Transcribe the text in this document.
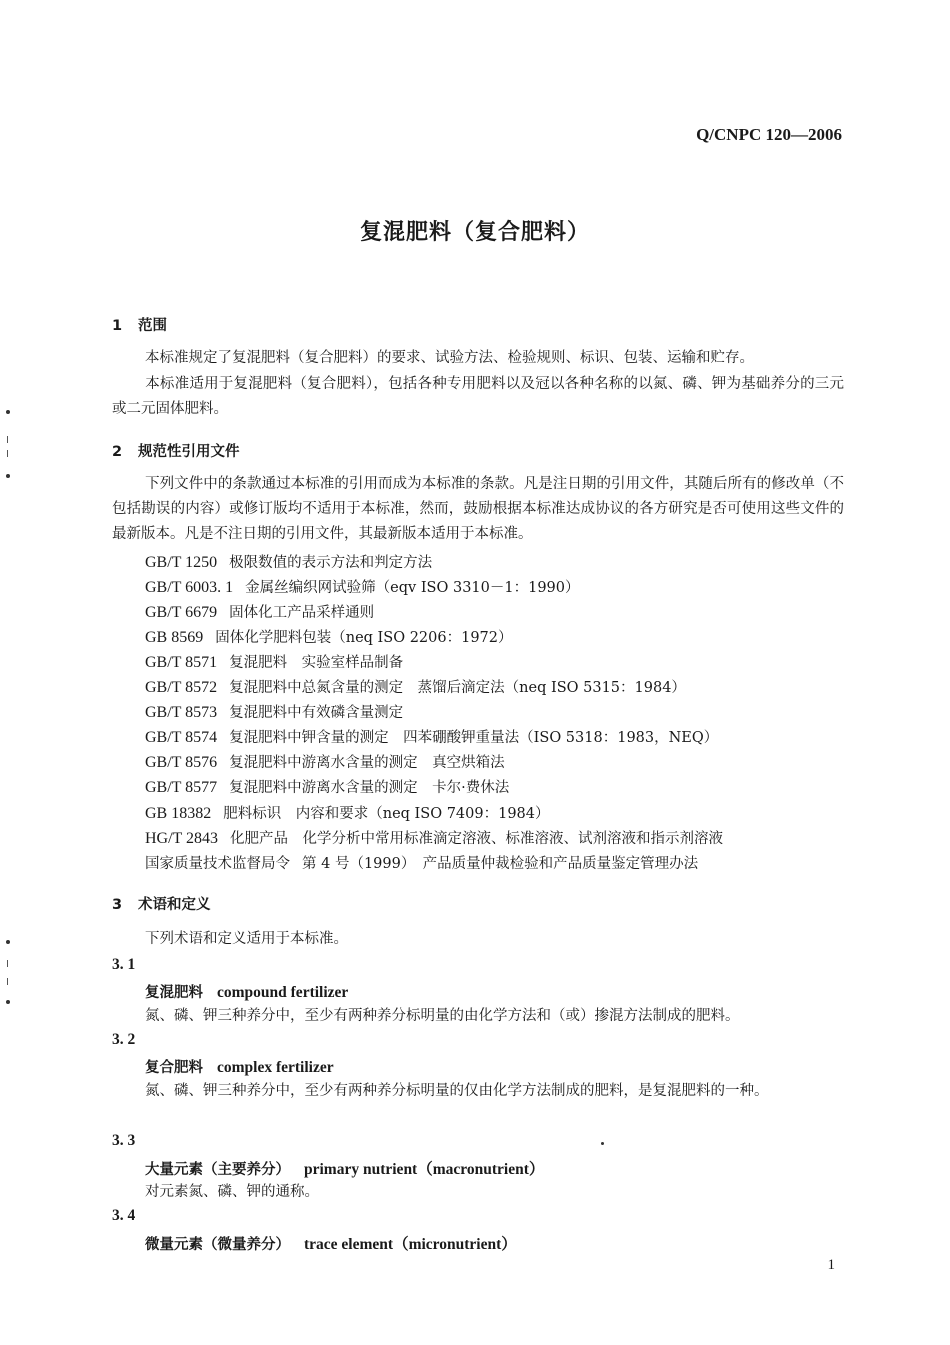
Q/CNPC 120—2006
复混肥料（复合肥料）
1 范围
本标准规定了复混肥料（复合肥料）的要求、试验方法、检验规则、标识、包装、运输和贮存。
本标准适用于复混肥料（复合肥料），包括各种专用肥料以及冠以各种名称的以氮、磷、钾为基础养分的三元或二元固体肥料。
2 规范性引用文件
下列文件中的条款通过本标准的引用而成为本标准的条款。凡是注日期的引用文件，其随后所有的修改单（不包括勘误的内容）或修订版均不适用于本标准，然而，鼓励根据本标准达成协议的各方研究是否可使用这些文件的最新版本。凡是不注日期的引用文件，其最新版本适用于本标准。
GB/T 1250 极限数值的表示方法和判定方法
GB/T 6003. 1 金属丝编织网试验筛（eqv ISO 3310－1：1990）
GB/T 6679 固体化工产品采样通则
GB 8569 固体化学肥料包装（neq ISO 2206：1972）
GB/T 8571 复混肥料　实验室样品制备
GB/T 8572 复混肥料中总氮含量的测定　蒸馏后滴定法（neq ISO 5315：1984）
GB/T 8573 复混肥料中有效磷含量测定
GB/T 8574 复混肥料中钾含量的测定　四苯硼酸钾重量法（ISO 5318：1983，NEQ）
GB/T 8576 复混肥料中游离水含量的测定　真空烘箱法
GB/T 8577 复混肥料中游离水含量的测定　卡尔·费休法
GB 18382 肥料标识　内容和要求（neq ISO 7409：1984）
HG/T 2843 化肥产品　化学分析中常用标准滴定溶液、标准溶液、试剂溶液和指示剂溶液
国家质量技术监督局令 第 4 号（1999）　产品质量仲裁检验和产品质量鉴定管理办法
3 术语和定义
下列术语和定义适用于本标准。
3. 1
复混肥料 compound fertilizer
氮、磷、钾三种养分中，至少有两种养分标明量的由化学方法和（或）掺混方法制成的肥料。
3. 2
复合肥料 complex fertilizer
氮、磷、钾三种养分中，至少有两种养分标明量的仅由化学方法制成的肥料，是复混肥料的一种。
3. 3
大量元素（主要养分） primary nutrient（macronutrient）
对元素氮、磷、钾的通称。
3. 4
微量元素（微量养分） trace element（micronutrient）
1
